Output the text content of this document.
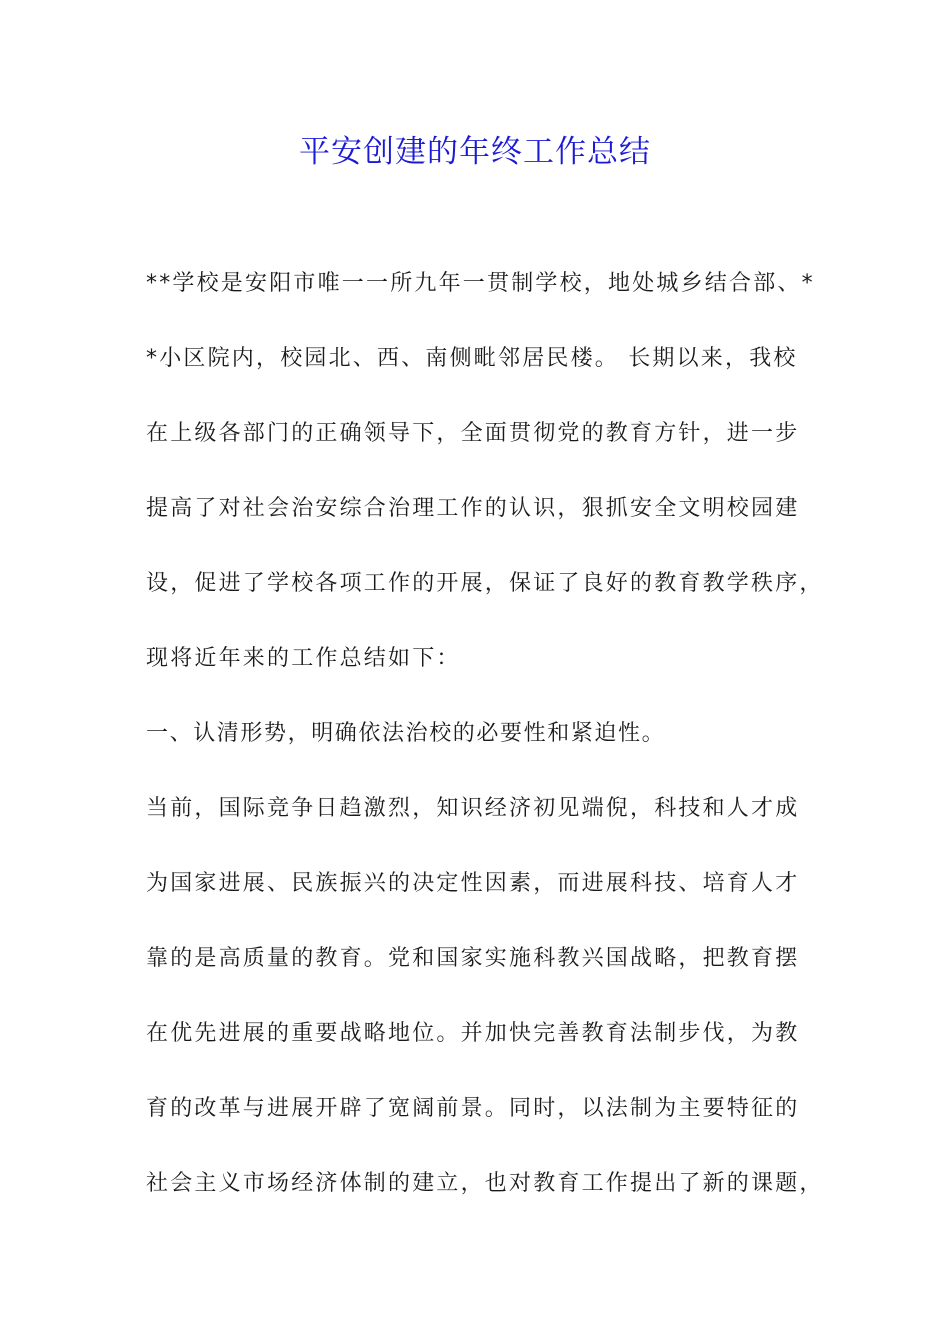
平安创建的年终工作总结
**学校是安阳市唯一一所九年一贯制学校，地处城乡结合部、*
*小区院内，校园北、西、南侧毗邻居民楼。 长期以来，我校
在上级各部门的正确领导下，全面贯彻党的教育方针，进一步
提高了对社会治安综合治理工作的认识，狠抓安全文明校园建
设，促进了学校各项工作的开展，保证了良好的教育教学秩序，
现将近年来的工作总结如下：
一、认清形势，明确依法治校的必要性和紧迫性。
当前，国际竞争日趋激烈，知识经济初见端倪，科技和人才成
为国家进展、民族振兴的决定性因素，而进展科技、培育人才
靠的是高质量的教育。党和国家实施科教兴国战略，把教育摆
在优先进展的重要战略地位。并加快完善教育法制步伐，为教
育的改革与进展开辟了宽阔前景。同时，以法制为主要特征的
社会主义市场经济体制的建立，也对教育工作提出了新的课题，
